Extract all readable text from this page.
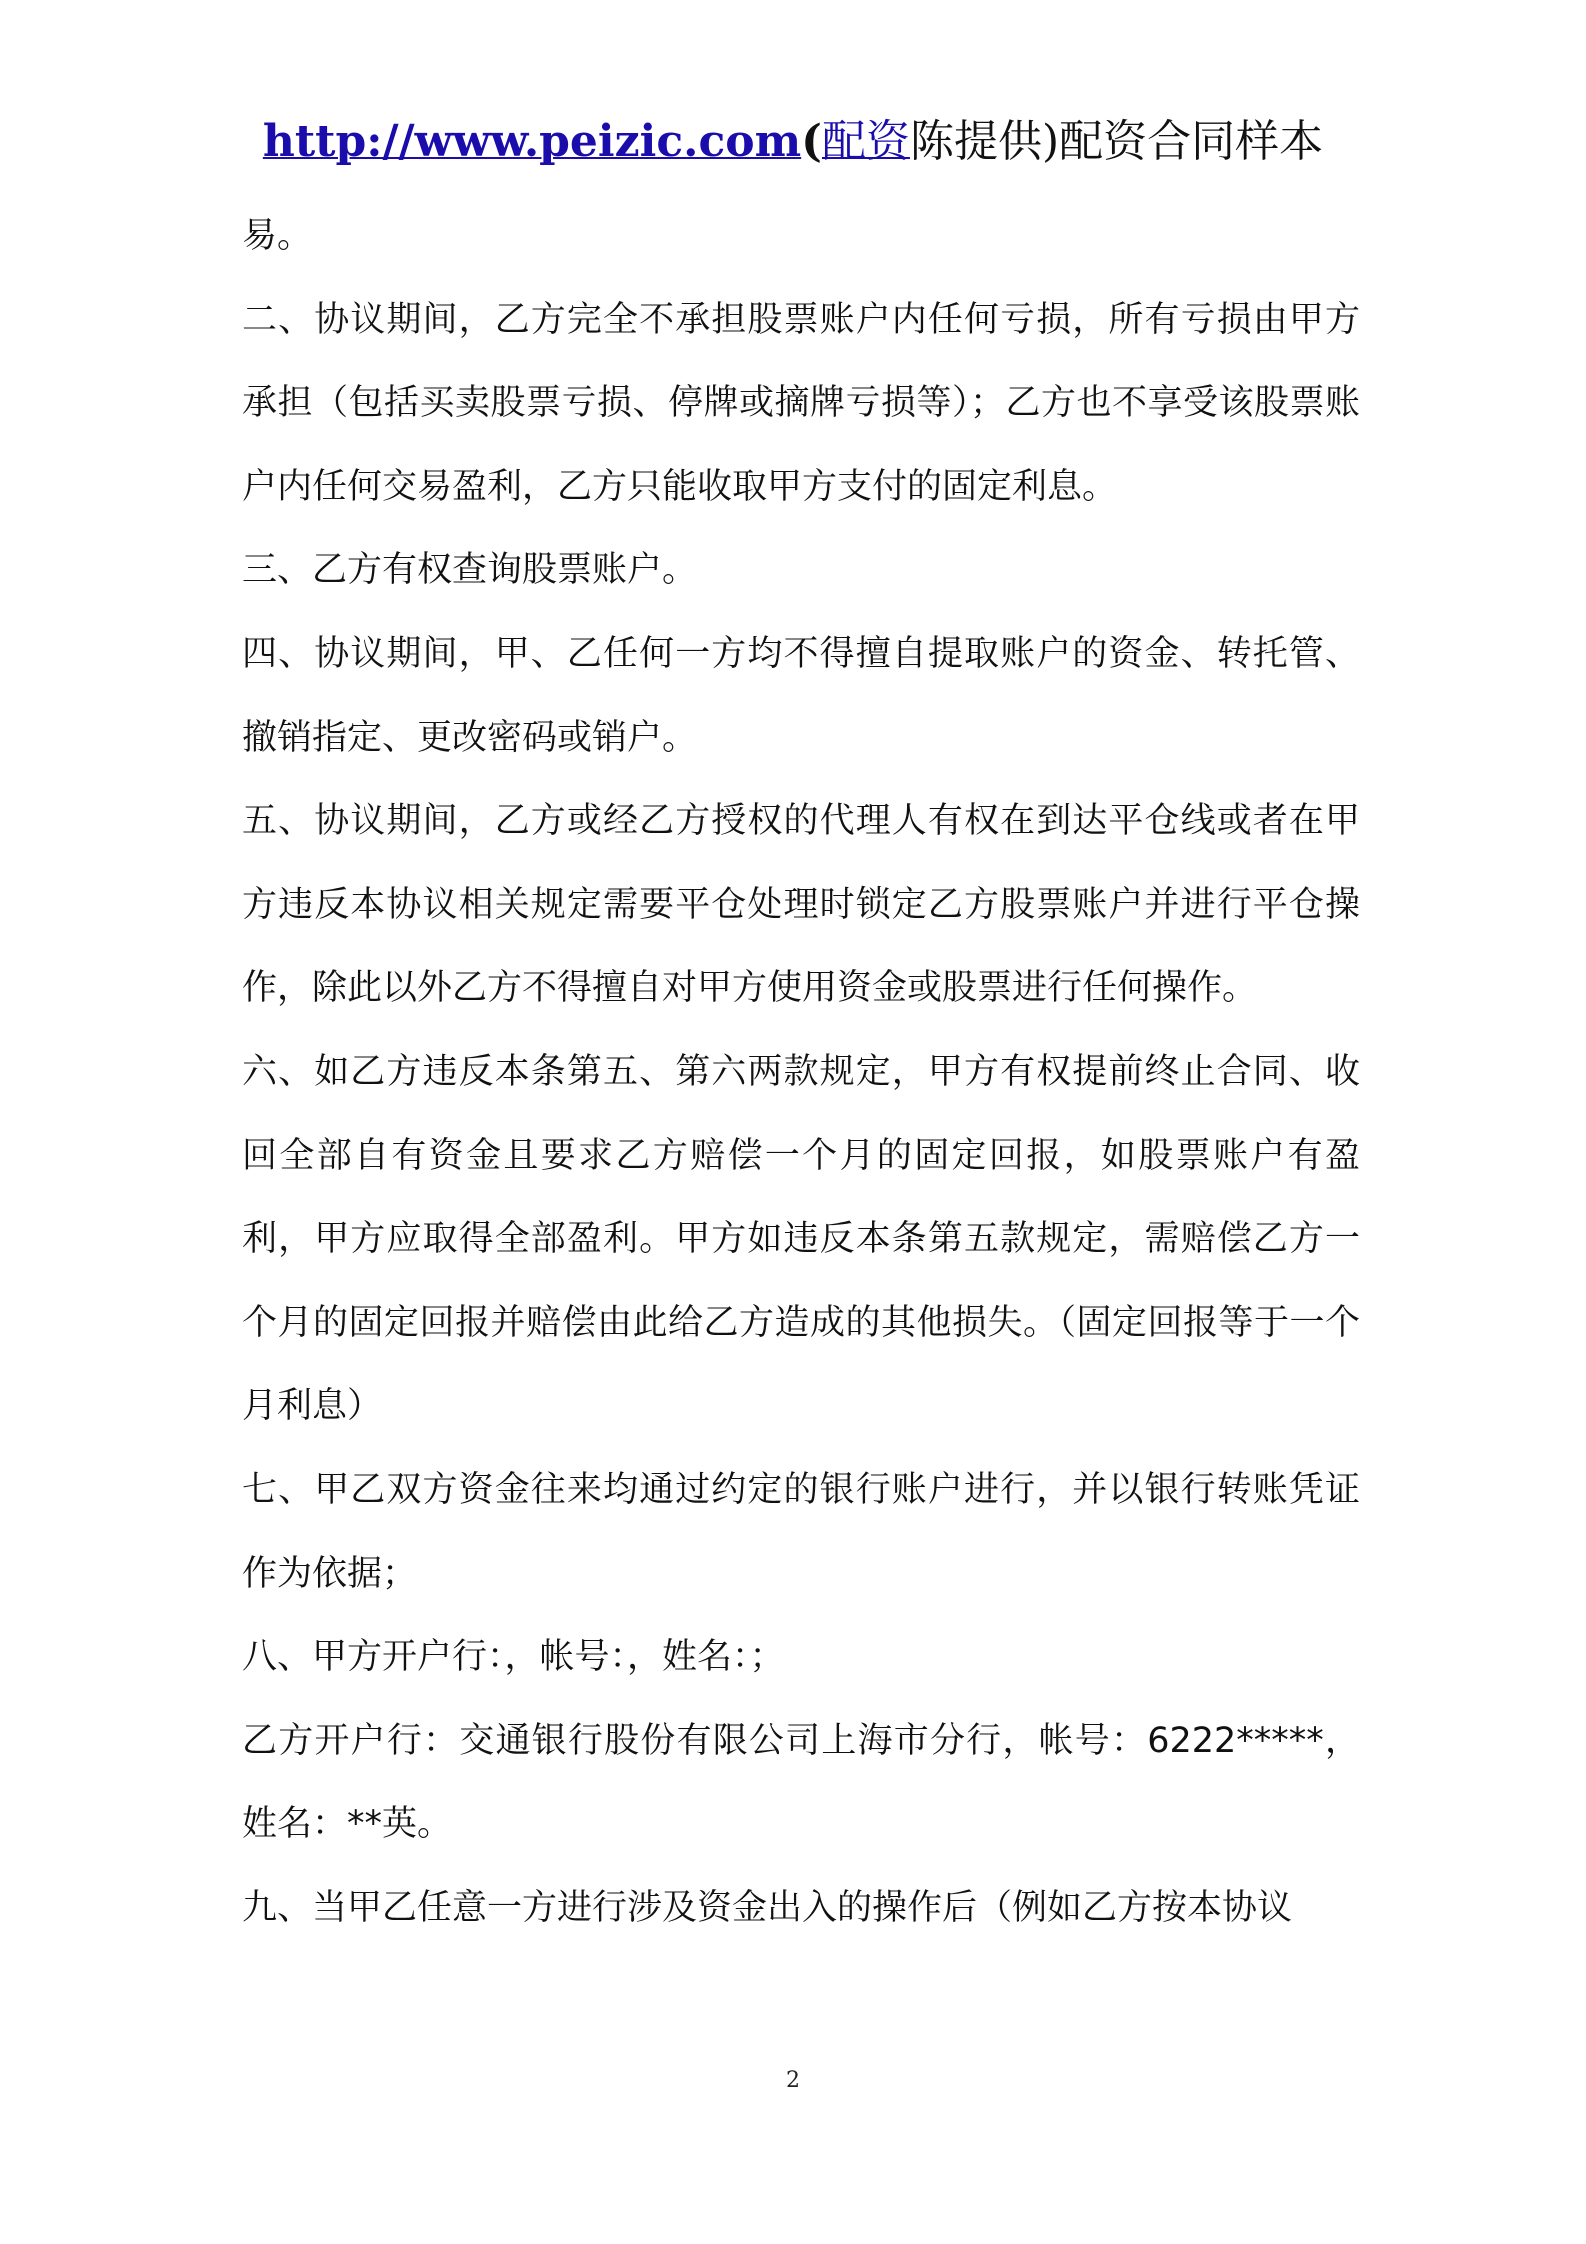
http://www.peizic.com(配资陈提供)配资合同样本

易。

二、协议期间，乙方完全不承担股票账户内任何亏损，所有亏损由甲方承担（包括买卖股票亏损、停牌或摘牌亏损等）；乙方也不享受该股票账户内任何交易盈利，乙方只能收取甲方支付的固定利息。

三、乙方有权查询股票账户。

四、协议期间，甲、乙任何一方均不得擅自提取账户的资金、转托管、撤销指定、更改密码或销户。

五、协议期间，乙方或经乙方授权的代理人有权在到达平仓线或者在甲方违反本协议相关规定需要平仓处理时锁定乙方股票账户并进行平仓操作，除此以外乙方不得擅自对甲方使用资金或股票进行任何操作。

六、如乙方违反本条第五、第六两款规定，甲方有权提前终止合同、收回全部自有资金且要求乙方赔偿一个月的固定回报，如股票账户有盈利，甲方应取得全部盈利。甲方如违反本条第五款规定，需赔偿乙方一个月的固定回报并赔偿由此给乙方造成的其他损失。（固定回报等于一个月利息）

七、甲乙双方资金往来均通过约定的银行账户进行，并以银行转账凭证作为依据；

八、甲方开户行：，帐号：，姓名：；

乙方开户行：交通银行股份有限公司上海市分行，帐号：6222*****，姓名：**英。

九、当甲乙任意一方进行涉及资金出入的操作后（例如乙方按本协议

2
